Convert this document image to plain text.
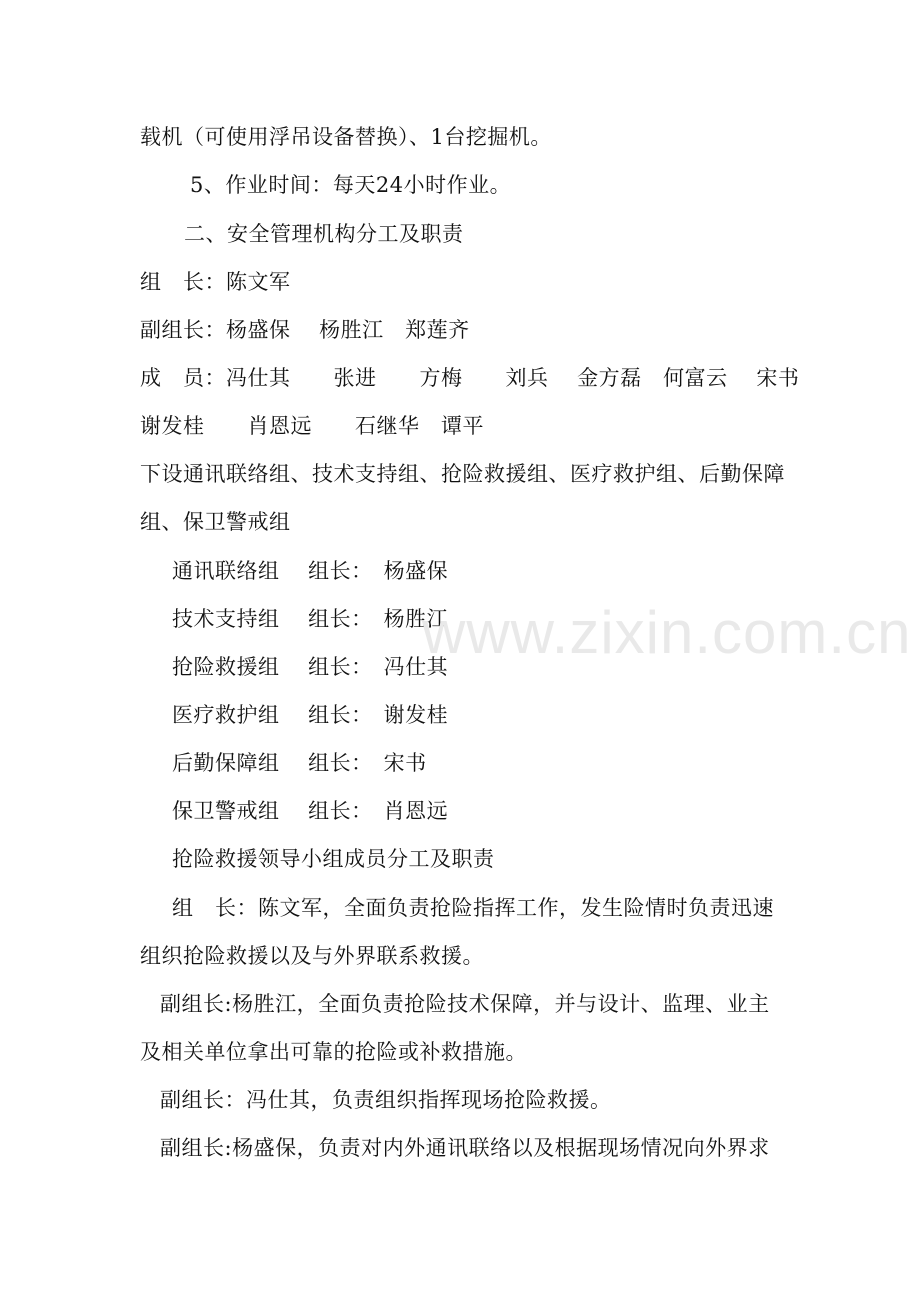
载机（可使用浮吊设备替换）、1台挖掘机。
5、作业时间：每天24小时作业。
二、安全管理机构分工及职责
组　长：陈文军
副组长：杨盛保　 杨胜江　郑莲齐
成　员：冯仕其　　张进　　方梅　　刘兵　 金方磊　何富云　 宋书
谢发桂　　肖恩远　　石继华　谭平
下设通讯联络组、技术支持组、抢险救援组、医疗救护组、后勤保障
组、保卫警戒组
通讯联络组　 组长：　杨盛保
技术支持组　 组长：　杨胜江
抢险救援组　 组长：　冯仕其
医疗救护组　 组长：　谢发桂
后勤保障组　 组长：　宋书
保卫警戒组　 组长：　肖恩远
抢险救援领导小组成员分工及职责
组　长：陈文军，全面负责抢险指挥工作，发生险情时负责迅速
组织抢险救援以及与外界联系救援。
副组长:杨胜江，全面负责抢险技术保障，并与设计、监理、业主
及相关单位拿出可靠的抢险或补救措施。
副组长：冯仕其，负责组织指挥现场抢险救援。
副组长:杨盛保，负责对内外通讯联络以及根据现场情况向外界求
www.zixin.com.cn
